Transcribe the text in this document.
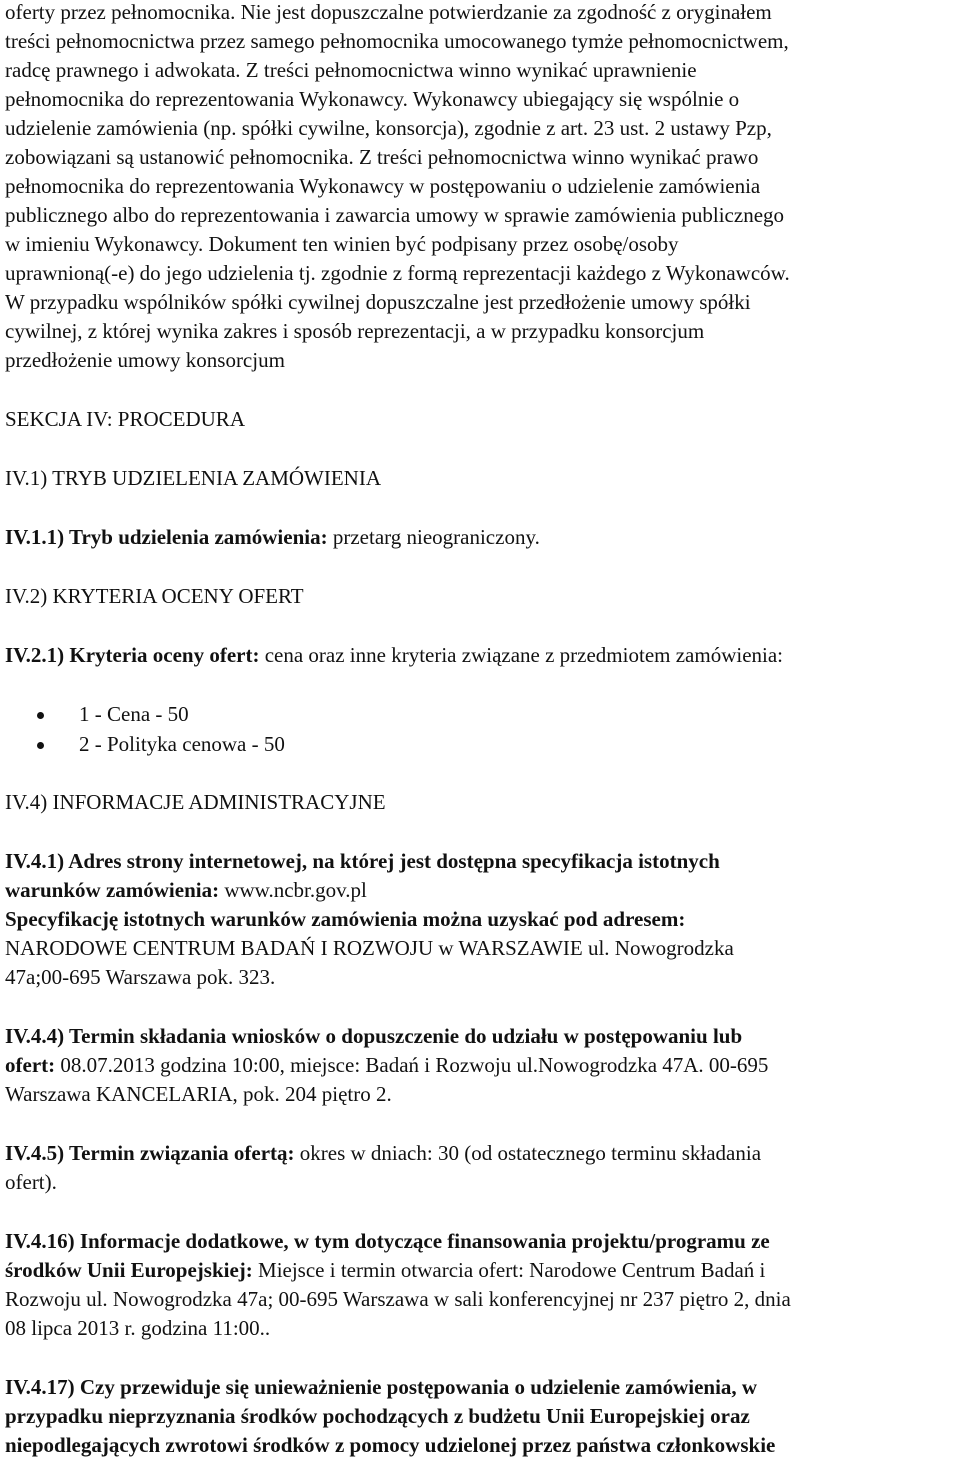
oferty przez pełnomocnika. Nie jest dopuszczalne potwierdzanie za zgodność z oryginałem
treści pełnomocnictwa przez samego pełnomocnika umocowanego tymże pełnomocnictwem,
radcę prawnego i adwokata. Z treści pełnomocnictwa winno wynikać uprawnienie
pełnomocnika do reprezentowania Wykonawcy. Wykonawcy ubiegający się wspólnie o
udzielenie zamówienia (np. spółki cywilne, konsorcja), zgodnie z art. 23 ust. 2 ustawy Pzp,
zobowiązani są ustanowić pełnomocnika. Z treści pełnomocnictwa winno wynikać prawo
pełnomocnika do reprezentowania Wykonawcy w postępowaniu o udzielenie zamówienia
publicznego albo do reprezentowania i zawarcia umowy w sprawie zamówienia publicznego
w imieniu Wykonawcy. Dokument ten winien być podpisany przez osobę/osoby
uprawnioną(-e) do jego udzielenia tj. zgodnie z formą reprezentacji każdego z Wykonawców.
W przypadku wspólników spółki cywilnej dopuszczalne jest przedłożenie umowy spółki
cywilnej, z której wynika zakres i sposób reprezentacji, a w przypadku konsorcjum
przedłożenie umowy konsorcjum
SEKCJA IV: PROCEDURA
IV.1) TRYB UDZIELENIA ZAMÓWIENIA
IV.1.1) Tryb udzielenia zamówienia: przetarg nieograniczony.
IV.2) KRYTERIA OCENY OFERT
IV.2.1) Kryteria oceny ofert: cena oraz inne kryteria związane z przedmiotem zamówienia:
1 - Cena - 50
2 - Polityka cenowa - 50
IV.4) INFORMACJE ADMINISTRACYJNE
IV.4.1) Adres strony internetowej, na której jest dostępna specyfikacja istotnych
warunków zamówienia: www.ncbr.gov.pl
Specyfikację istotnych warunków zamówienia można uzyskać pod adresem:
NARODOWE CENTRUM BADAŃ I ROZWOJU w WARSZAWIE ul. Nowogrodzka
47a;00-695 Warszawa pok. 323.
IV.4.4) Termin składania wniosków o dopuszczenie do udziału w postępowaniu lub
ofert: 08.07.2013 godzina 10:00, miejsce: Badań i Rozwoju ul.Nowogrodzka 47A. 00-695
Warszawa KANCELARIA, pok. 204 piętro 2.
IV.4.5) Termin związania ofertą: okres w dniach: 30 (od ostatecznego terminu składania
ofert).
IV.4.16) Informacje dodatkowe, w tym dotyczące finansowania projektu/programu ze
środków Unii Europejskiej: Miejsce i termin otwarcia ofert: Narodowe Centrum Badań i
Rozwoju ul. Nowogrodzka 47a; 00-695 Warszawa w sali konferencyjnej nr 237 piętro 2, dnia
08 lipca 2013 r. godzina 11:00..
IV.4.17) Czy przewiduje się unieważnienie postępowania o udzielenie zamówienia, w
przypadku nieprzyznania środków pochodzących z budżetu Unii Europejskiej oraz
niepodlegających zwrotowi środków z pomocy udzielonej przez państwa członkowskie
